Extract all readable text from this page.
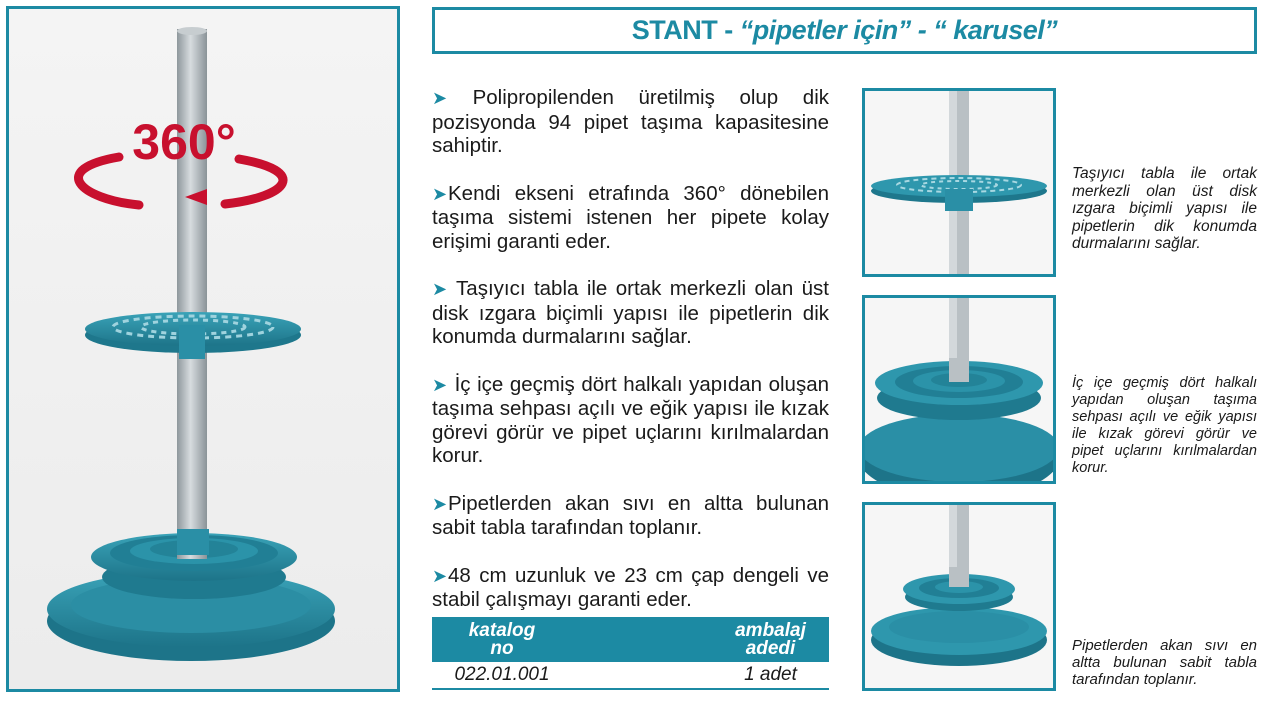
360°
STANT - “pipetler için” - “ karusel”

➤ Polipropilenden üretilmiş olup dik pozisyonda 94 pipet taşıma kapasitesine sahiptir.

➤Kendi ekseni etrafında 360° dönebilen taşıma sistemi istenen her pipete kolay erişimi garanti eder.

➤ Taşıyıcı tabla ile ortak merkezli olan üst disk ızgara biçimli yapısı ile pipetlerin dik konumda durmalarını sağlar.

➤ İç içe geçmiş dört halkalı yapıdan oluşan taşıma sehpası açılı ve eğik yapısı ile kızak görevi görür ve pipet uçlarını kırılmalardan korur.

➤Pipetlerden akan sıvı en altta bulunan sabit tabla tarafından toplanır.

➤48 cm uzunluk ve 23 cm çap dengeli ve stabil çalışmayı garanti eder.

katalog
no
ambalaj
adedi
022.01.001	1 adet
Taşıyıcı tabla ile ortak merkezli olan üst disk ızgara biçimli yapısı ile pipetlerin dik konumda durmalarını sağlar.
İç içe geçmiş dört halkalı yapıdan oluşan taşıma sehpası açılı ve eğik yapısı ile kızak görevi görür ve pipet uçlarını kırılmalardan korur.
Pipetlerden akan sıvı en altta bulunan sabit tabla tarafından toplanır.
